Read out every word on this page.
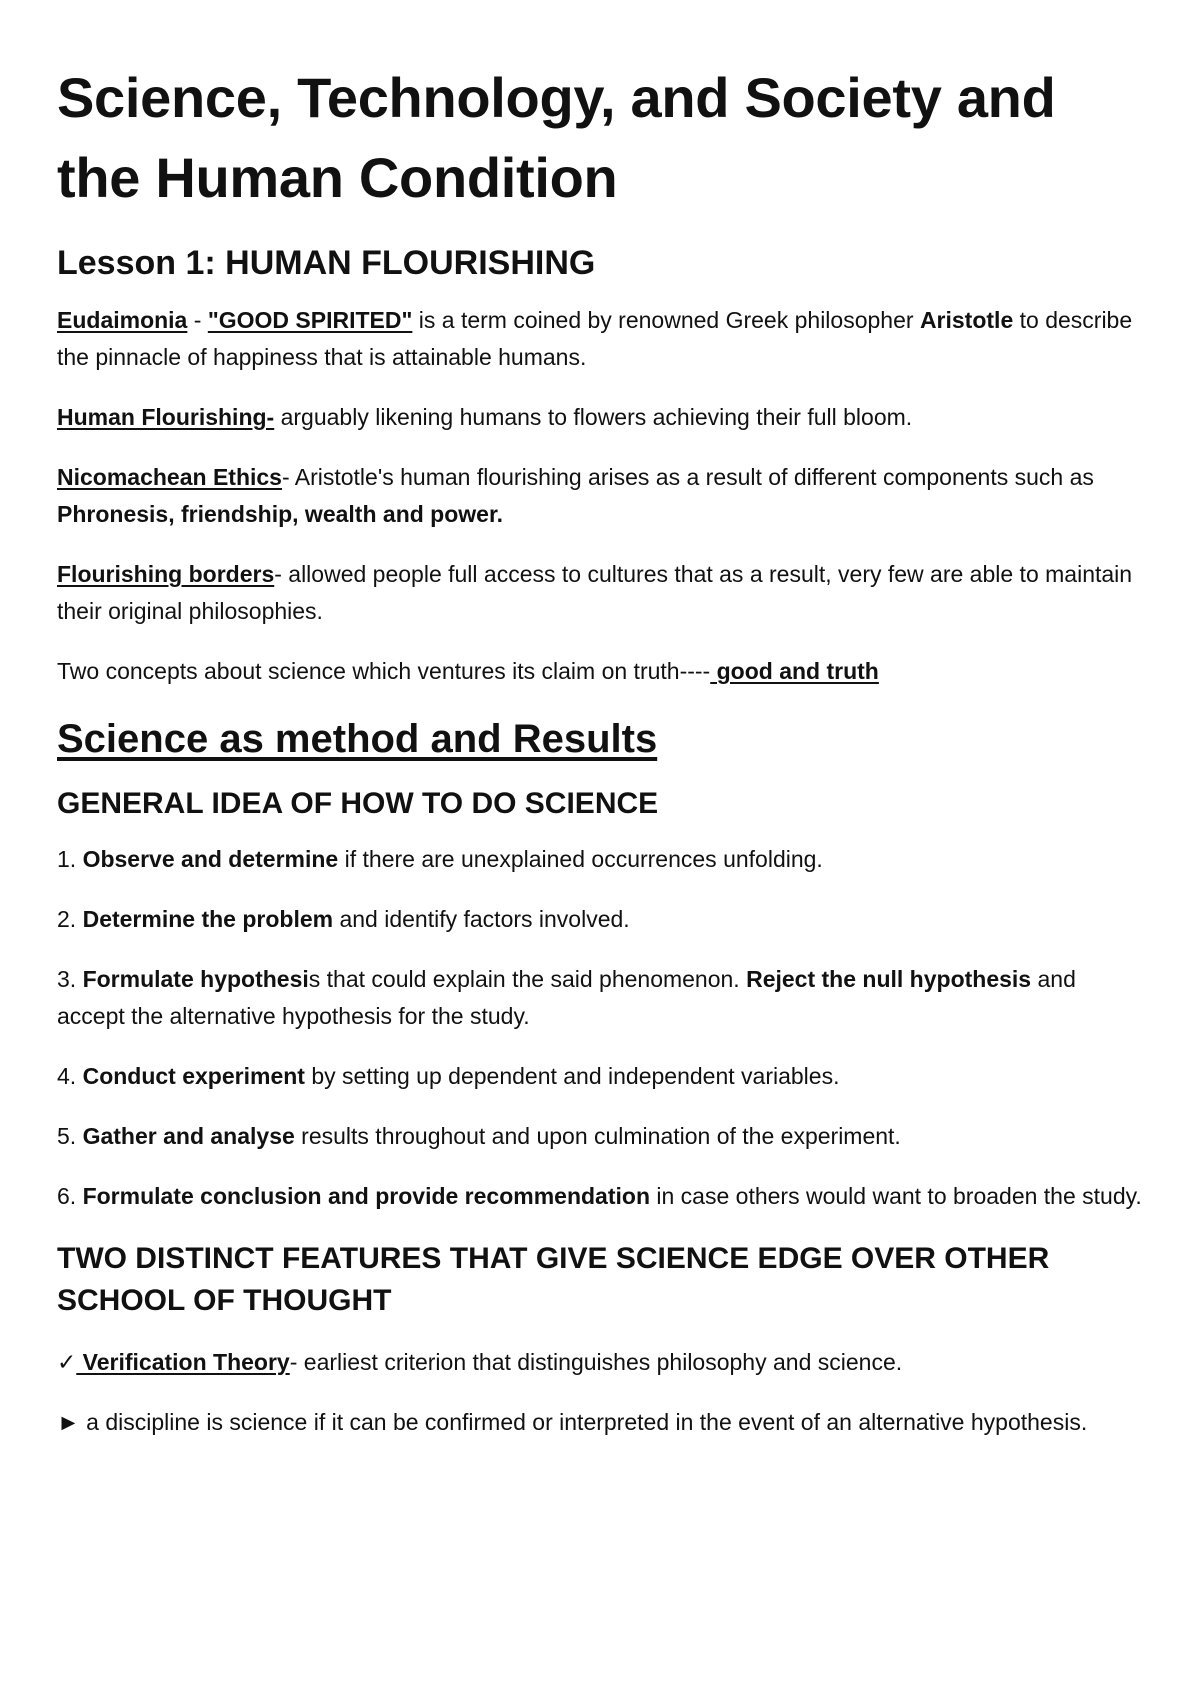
Science, Technology, and Society and the Human Condition
Lesson 1: HUMAN FLOURISHING

Eudaimonia - "GOOD SPIRITED" is a term coined by renowned Greek philosopher Aristotle to describe the pinnacle of happiness that is attainable humans.

Human Flourishing- arguably likening humans to flowers achieving their full bloom.

Nicomachean Ethics- Aristotle's human flourishing arises as a result of different components such as Phronesis, friendship, wealth and power.

Flourishing borders- allowed people full access to cultures that as a result, very few are able to maintain their original philosophies.

Two concepts about science which ventures its claim on truth---- good and truth

Science as method and Results
GENERAL IDEA OF HOW TO DO SCIENCE

1. Observe and determine if there are unexplained occurrences unfolding.

2. Determine the problem and identify factors involved.

3. Formulate hypothesis that could explain the said phenomenon. Reject the null hypothesis and accept the alternative hypothesis for the study.

4. Conduct experiment by setting up dependent and independent variables.

5. Gather and analyse results throughout and upon culmination of the experiment.

6. Formulate conclusion and provide recommendation in case others would want to broaden the study.

TWO DISTINCT FEATURES THAT GIVE SCIENCE EDGE OVER OTHER SCHOOL OF THOUGHT

✓ Verification Theory- earliest criterion that distinguishes philosophy and science.

► a discipline is science if it can be confirmed or interpreted in the event of an alternative hypothesis.
